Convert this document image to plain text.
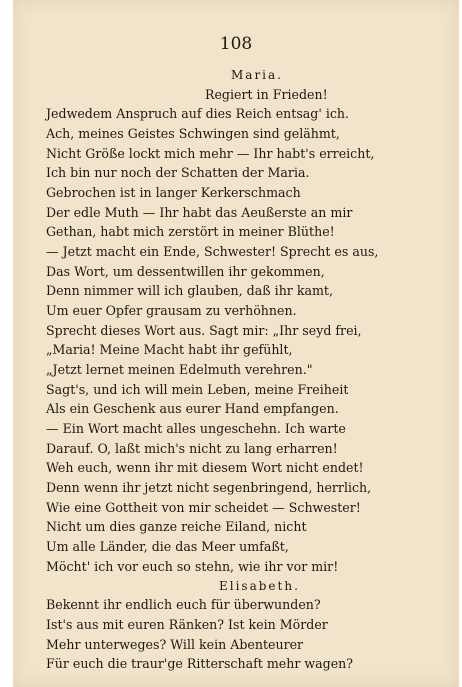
108
Maria.
Regiert in Frieden!
Jedwedem Anspruch auf dies Reich entsag' ich.
Ach, meines Geistes Schwingen sind gelähmt,
Nicht Größe lockt mich mehr — Ihr habt's erreicht,
Ich bin nur noch der Schatten der Maria.
Gebrochen ist in langer Kerkerschmach
Der edle Muth — Ihr habt das Aeußerste an mir
Gethan, habt mich zerstört in meiner Blüthe!
— Jetzt macht ein Ende, Schwester! Sprecht es aus,
Das Wort, um dessentwillen ihr gekommen,
Denn nimmer will ich glauben, daß ihr kamt,
Um euer Opfer grausam zu verhöhnen.
Sprecht dieses Wort aus. Sagt mir: „Ihr seyd frei,
„Maria! Meine Macht habt ihr gefühlt,
„Jetzt lernet meinen Edelmuth verehren."
Sagt's, und ich will mein Leben, meine Freiheit
Als ein Geschenk aus eurer Hand empfangen.
— Ein Wort macht alles ungeschehn. Ich warte
Darauf. O, laßt mich's nicht zu lang erharren!
Weh euch, wenn ihr mit diesem Wort nicht endet!
Denn wenn ihr jetzt nicht segenbringend, herrlich,
Wie eine Gottheit von mir scheidet — Schwester!
Nicht um dies ganze reiche Eiland, nicht
Um alle Länder, die das Meer umfaßt,
Möcht' ich vor euch so stehn, wie ihr vor mir!
Elisabeth.
Bekennt ihr endlich euch für überwunden?
Ist's aus mit euren Ränken? Ist kein Mörder
Mehr unterweges? Will kein Abenteurer
Für euch die traur'ge Ritterschaft mehr wagen?
